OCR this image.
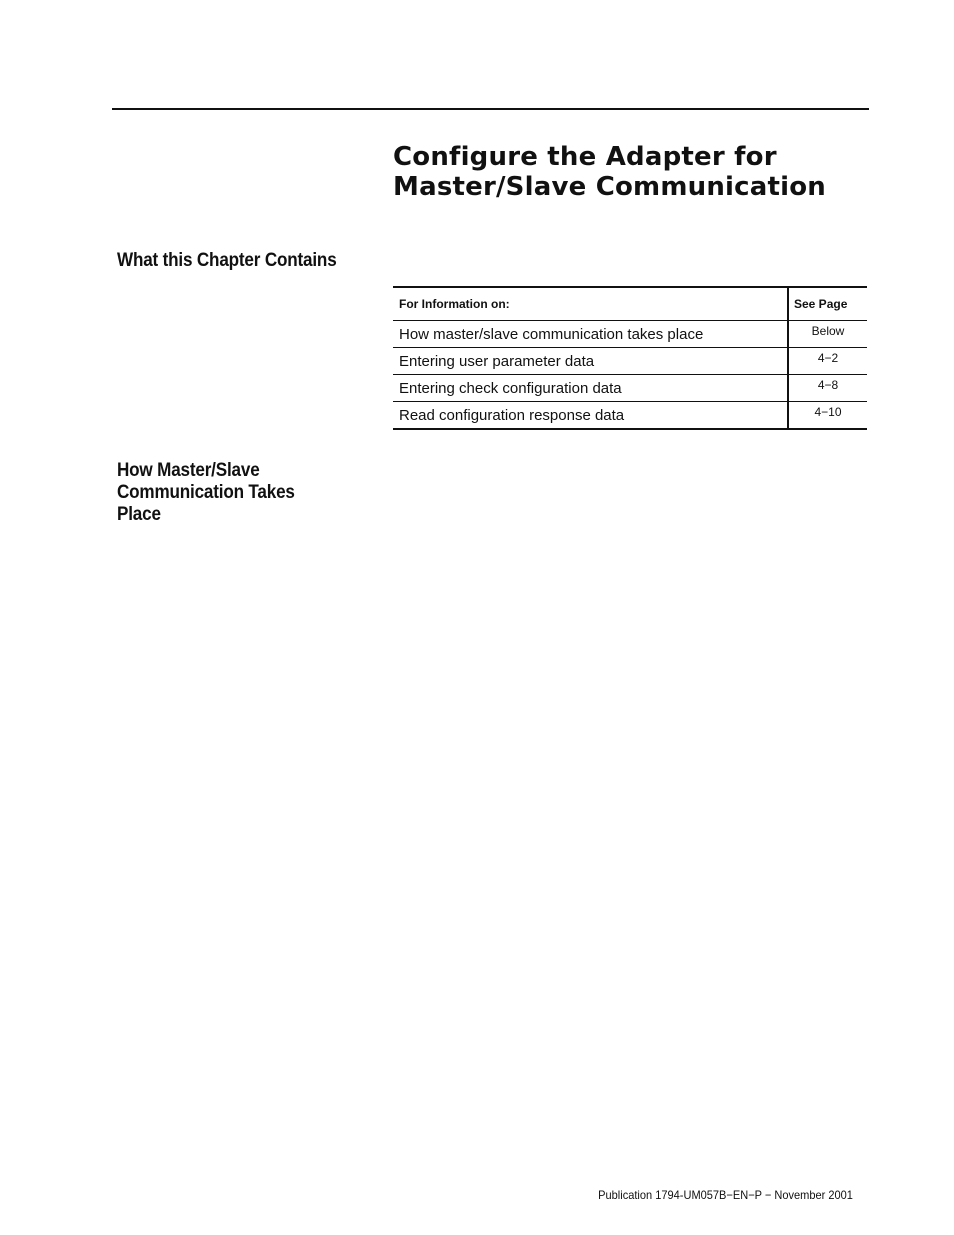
Configure the Adapter for
Master/Slave Communication
What this Chapter Contains
For Information on:	See Page
How master/slave communication takes place	Below
Entering user parameter data	4−2
Entering check configuration data	4−8
Read configuration response data	4−10
How Master/Slave
Communication Takes
Place
Publication 1794-UM057B−EN−P − November 2001
